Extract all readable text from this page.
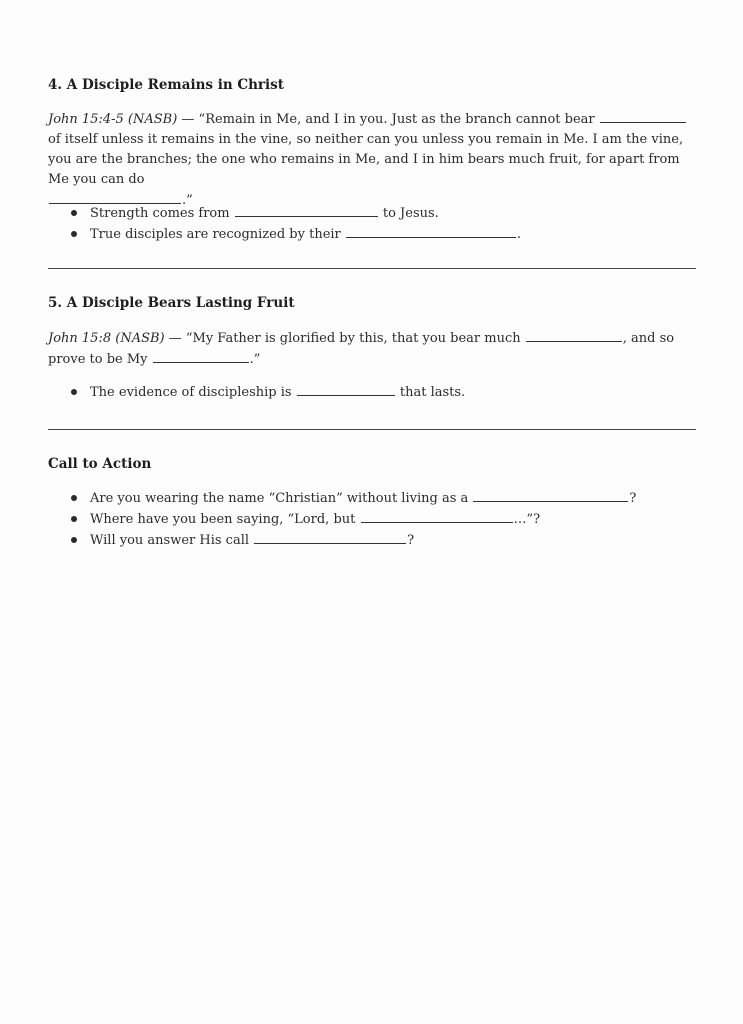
4. A Disciple Remains in Christ

John 15:4-5 (NASB) — “Remain in Me, and I in you. Just as the branch cannot bear  of itself unless it remains in the vine, so neither can you unless you remain in Me. I am the vine, you are the branches; the one who remains in Me, and I in him bears much fruit, for apart from Me you can do
.”

Strength comes from	to Jesus.
True disciples are recognized by their	.
5. A Disciple Bears Lasting Fruit

John 15:8 (NASB) — “My Father is glorified by this, that you bear much	, and so prove to be My	.”

The evidence of discipleship is	that lasts.
Call to Action
Are you wearing the name “Christian” without living as a	?
Where have you been saying, “Lord, but	…”?
Will you answer His call	?
